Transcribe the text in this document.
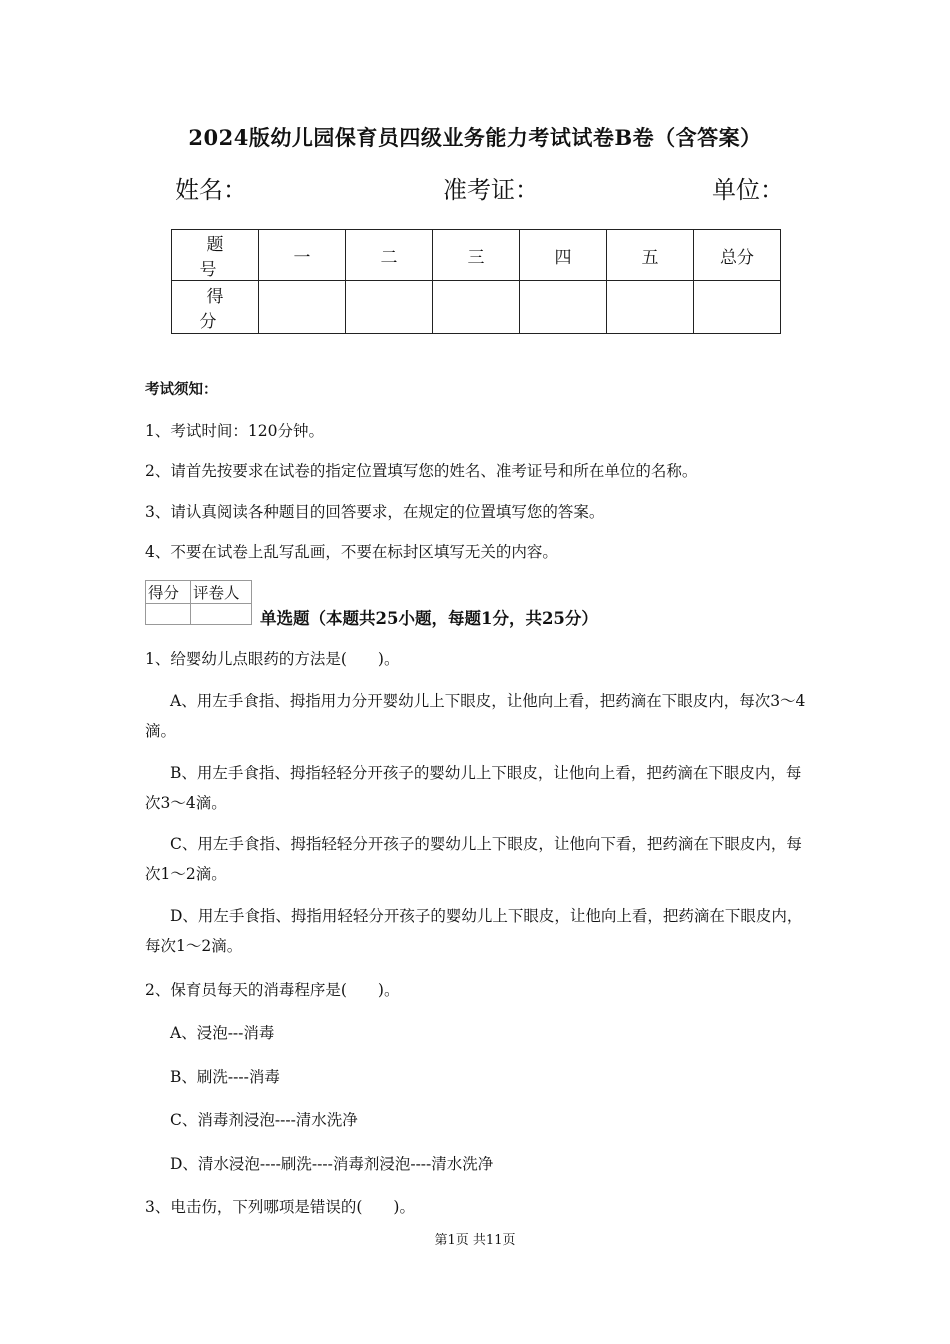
2024版幼儿园保育员四级业务能力考试试卷B卷（含答案）
姓名：	准考证：	单位：
题　号	一	二	三	四	五	总分
得　分						
考试须知：
1、考试时间：120分钟。
2、请首先按要求在试卷的指定位置填写您的姓名、准考证号和所在单位的名称。
3、请认真阅读各种题目的回答要求，在规定的位置填写您的答案。
4、不要在试卷上乱写乱画，不要在标封区填写无关的内容。
得分	评卷人

单选题（本题共25小题，每题1分，共25分）
1、给婴幼儿点眼药的方法是(　　)。
A、用左手食指、拇指用力分开婴幼儿上下眼皮，让他向上看，把药滴在下眼皮内，每次3～4滴。
B、用左手食指、拇指轻轻分开孩子的婴幼儿上下眼皮，让他向上看，把药滴在下眼皮内，每次3～4滴。
C、用左手食指、拇指轻轻分开孩子的婴幼儿上下眼皮，让他向下看，把药滴在下眼皮内，每次1～2滴。
D、用左手食指、拇指用轻轻分开孩子的婴幼儿上下眼皮，让他向上看，把药滴在下眼皮内，每次1～2滴。
2、保育员每天的消毒程序是(　　)。
A、浸泡---消毒
B、刷洗----消毒
C、消毒剂浸泡----清水洗净
D、清水浸泡----刷洗----消毒剂浸泡----清水洗净
3、电击伤，下列哪项是错误的(　　)。
第1页 共11页
